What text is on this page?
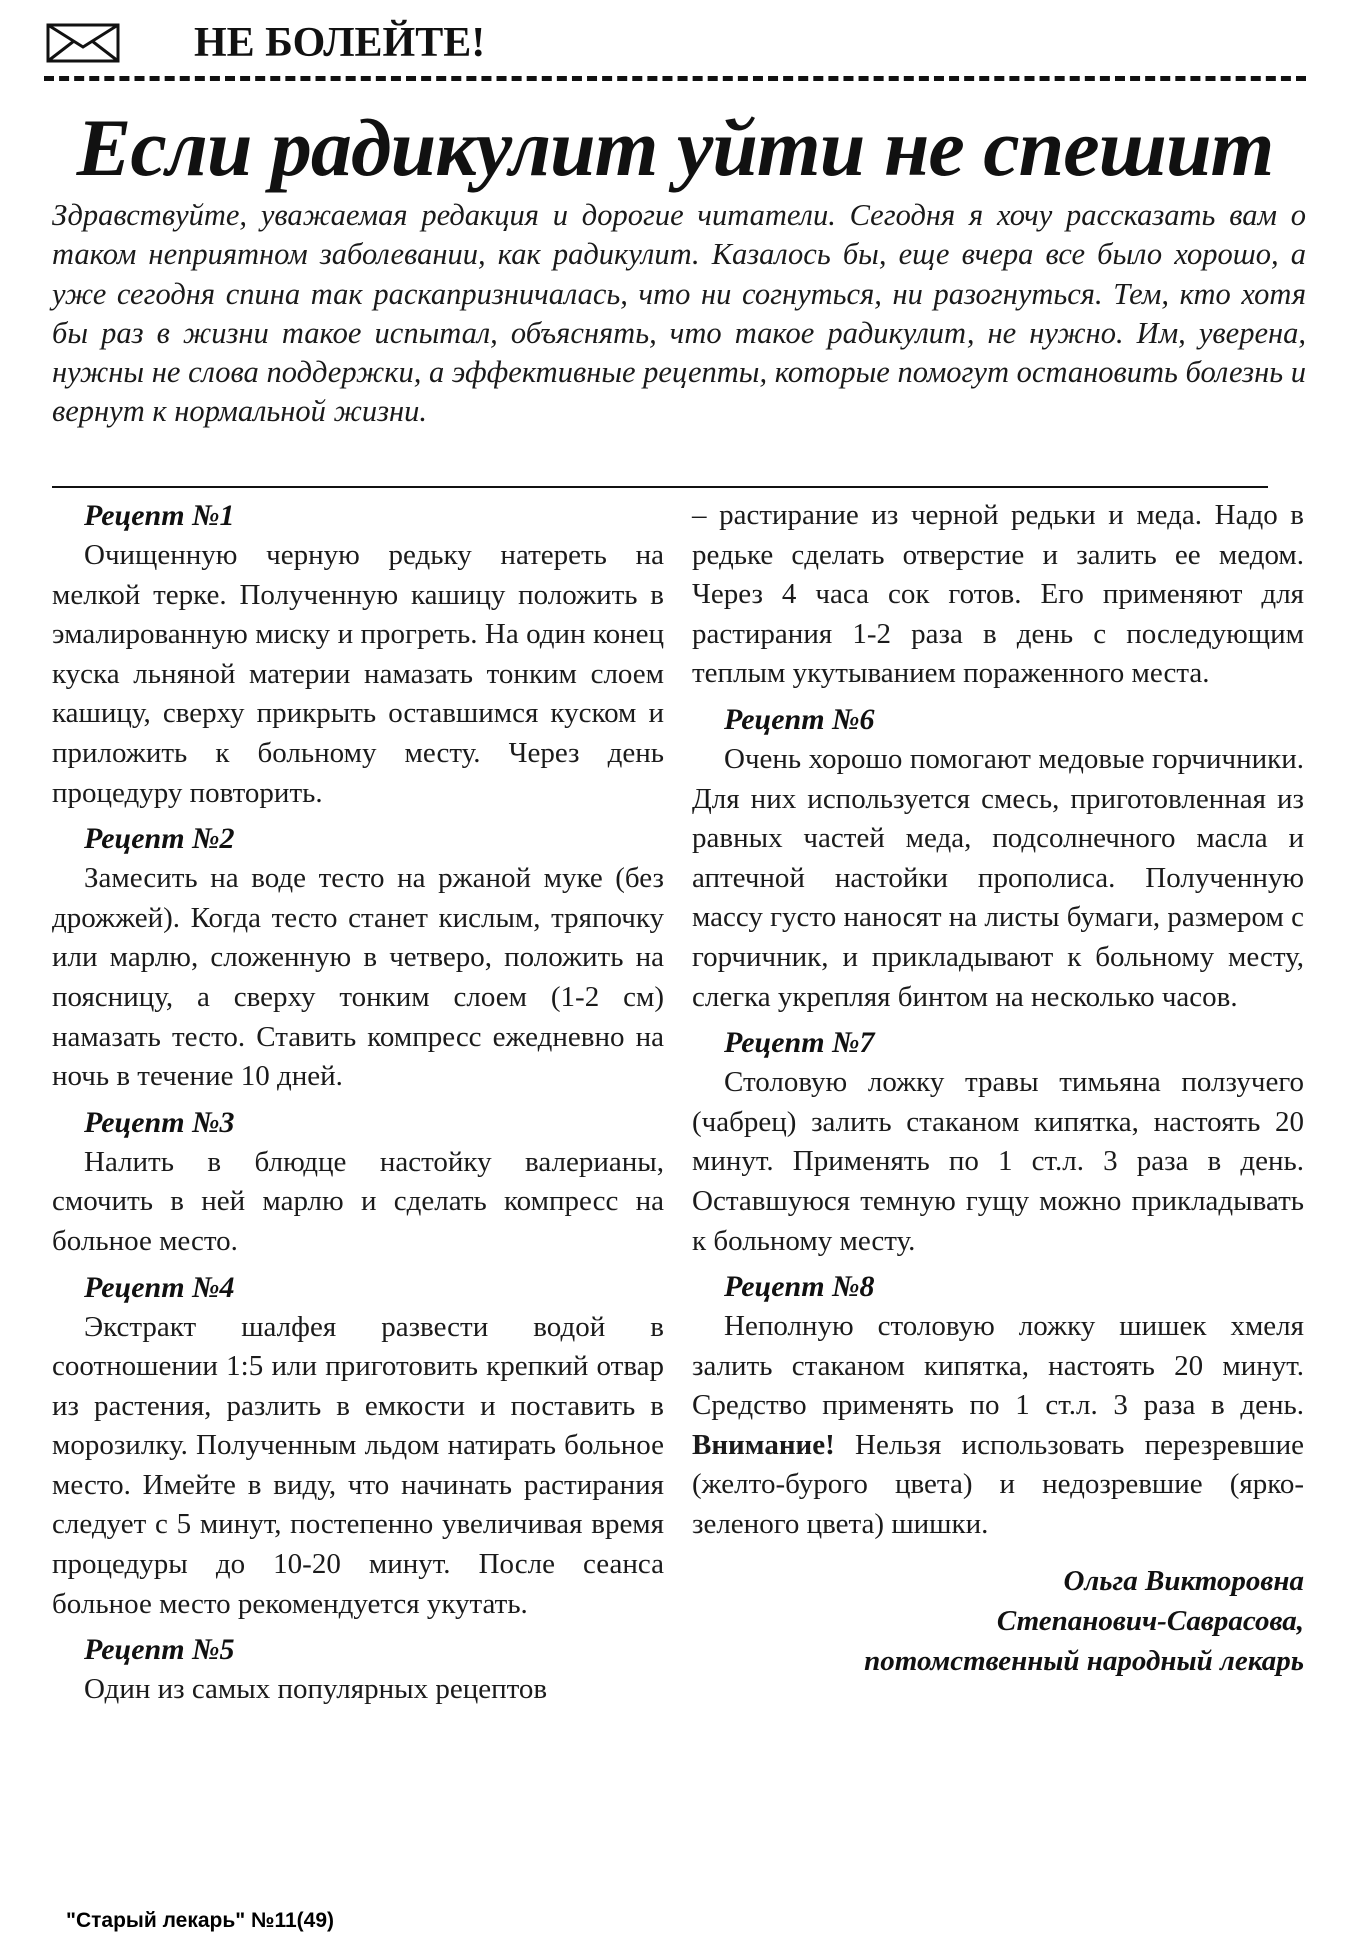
НЕ БОЛЕЙТЕ!
Если радикулит уйти не спешит

Здравствуйте, уважаемая редакция и дорогие читатели. Сегодня я хочу рассказать вам о таком неприятном заболевании, как радикулит. Казалось бы, еще вчера все было хорошо, а уже сегодня спина так раскапризничалась, что ни согнуться, ни разогнуться. Тем, кто хотя бы раз в жизни такое испытал, объяснять, что такое радикулит, не нужно. Им, уверена, нужны не слова поддержки, а эффективные рецепты, которые помогут остановить болезнь и вернут к нормальной жизни.

Рецепт №1

Очищенную черную редьку натереть на мелкой терке. Полученную кашицу положить в эмалированную миску и прогреть. На один конец куска льняной материи намазать тонким слоем кашицу, сверху прикрыть оставшимся куском и приложить к больному месту. Через день процедуру повторить.

Рецепт №2

Замесить на воде тесто на ржаной муке (без дрожжей). Когда тесто станет кислым, тряпочку или марлю, сложенную в четверо, положить на поясницу, а сверху тонким слоем (1-2 см) намазать тесто. Ставить компресс ежедневно на ночь в течение 10 дней.

Рецепт №3

Налить в блюдце настойку валерианы, смочить в ней марлю и сделать компресс на больное место.

Рецепт №4

Экстракт шалфея развести водой в соотношении 1:5 или приготовить крепкий отвар из растения, разлить в емкости и поставить в морозилку. Полученным льдом натирать больное место. Имейте в виду, что начинать растирания следует с 5 минут, постепенно увеличивая время процедуры до 10-20 минут. После сеанса больное место рекомендуется укутать.

Рецепт №5

Один из самых популярных рецептов

– растирание из черной редьки и меда. Надо в редьке сделать отверстие и залить ее медом. Через 4 часа сок готов. Его применяют для растирания 1-2 раза в день с последующим теплым укутыванием пораженного места.

Рецепт №6

Очень хорошо помогают медовые горчичники. Для них используется смесь, приготовленная из равных частей меда, подсолнечного масла и аптечной настойки прополиса. Полученную массу густо наносят на листы бумаги, размером с горчичник, и прикладывают к больному месту, слегка укрепляя бинтом на несколько часов.

Рецепт №7

Столовую ложку травы тимьяна ползучего (чабрец) залить стаканом кипятка, настоять 20 минут. Применять по 1 ст.л. 3 раза в день. Оставшуюся темную гущу можно прикладывать к больному месту.

Рецепт №8

Неполную столовую ложку шишек хмеля залить стаканом кипятка, настоять 20 минут. Средство применять по 1 ст.л. 3 раза в день. Внимание! Нельзя использовать перезревшие (желто-бурого цвета) и недозревшие (ярко-зеленого цвета) шишки.

Ольга Викторовна
Степанович-Саврасова,
потомственный народный лекарь
"Старый лекарь" №11(49)
